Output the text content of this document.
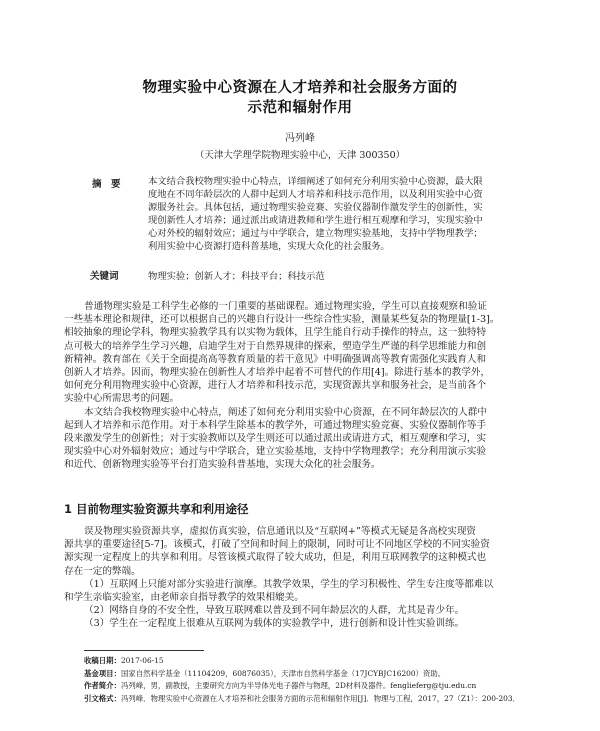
物理实验中心资源在人才培养和社会服务方面的
示范和辐射作用
冯列峰
（天津大学理学院物理实验中心，天津 300350）
摘　要	本文结合我校物理实验中心特点，详细阐述了如何充分利用实验中心资源，最大限
度地在不同年龄层次的人群中起到人才培养和科技示范作用，以及利用实验中心资
源服务社会。具体包括，通过物理实验竞赛、实验仪器制作激发学生的创新性，实
现创新性人才培养；通过派出或请进教师和学生进行相互观摩和学习，实现实验中
心对外校的辐射效应；通过与中学联合，建立物理实验基地，支持中学物理教学；
利用实验中心资源打造科普基地，实现大众化的社会服务。
关键词	物理实验；创新人才；科技平台；科技示范
普通物理实验是工科学生必修的一门重要的基础课程。通过物理实验，学生可以直接观察和验证
一些基本理论和规律，还可以根据自己的兴趣自行设计一些综合性实验，测量某些复杂的物理量[1-3]。
相较抽象的理论学科，物理实验教学具有以实物为载体，且学生能自行动手操作的特点，这一独特特
点可极大的培养学生学习兴趣，启迪学生对于自然界规律的探索，塑造学生严谨的科学思维能力和创
新精神。教育部在《关于全面提高高等教育质量的若干意见》中明确强调高等教育需强化实践育人和
创新人才培养。因而，物理实验在创新性人才培养中起着不可替代的作用[4]。除进行基本的教学外，
如何充分利用物理实验中心资源，进行人才培养和科技示范，实现资源共享和服务社会，是当前各个
实验中心所需思考的问题。
本文结合我校物理实验中心特点，阐述了如何充分利用实验中心资源，在不同年龄层次的人群中
起到人才培养和示范作用。对于本科学生除基本的教学外，可通过物理实验竞赛、实验仪器制作等手
段来激发学生的创新性；对于实验教师以及学生则还可以通过派出或请进方式，相互观摩和学习，实
现实验中心对外辐射效应；通过与中学联合，建立实验基地，支持中学物理教学；充分利用演示实验
和近代、创新物理实验等平台打造实验科普基地，实现大众化的社会服务。
1 目前物理实验资源共享和利用途径
误及物理实验资源共享，虚拟仿真实验，信息通讯以及“互联网+”等模式无疑是各高校实现资
源共享的重要途径[5-7]。该模式，打破了空间和时间上的限制，同时可让不同地区学校的不同实验资
源实现一定程度上的共享和利用。尽管该模式取得了较大成功，但是，利用互联网教学的这种模式也
存在一定的弊端。
（1）互联网上只能对部分实验进行演摩。其教学效果，学生的学习积极性、学生专注度等都难以
和学生亲临实验室，由老师亲自指导教学的效果相媲美。
（2）网络自身的不安全性，导致互联网难以普及到不同年龄层次的人群，尤其是青少年。
（3）学生在一定程度上很难从互联网为载体的实验教学中，进行创新和设计性实验训练。
收稿日期：2017-06-15
基金项目：国家自然科学基金（11104209，60876035），天津市自然科学基金（17JCYBJC16200）资助。
作者简介：冯列峰，男，副教授，主要研究方向为半导体光电子器件与物理，2D材料及器件。fenglieferg@tju.edu.cn
引文格式：冯列峰．物理实验中心资源在人才培养和社会服务方面的示范和辐射作用[J]．物理与工程，2017，27（Z1）：200-203．
